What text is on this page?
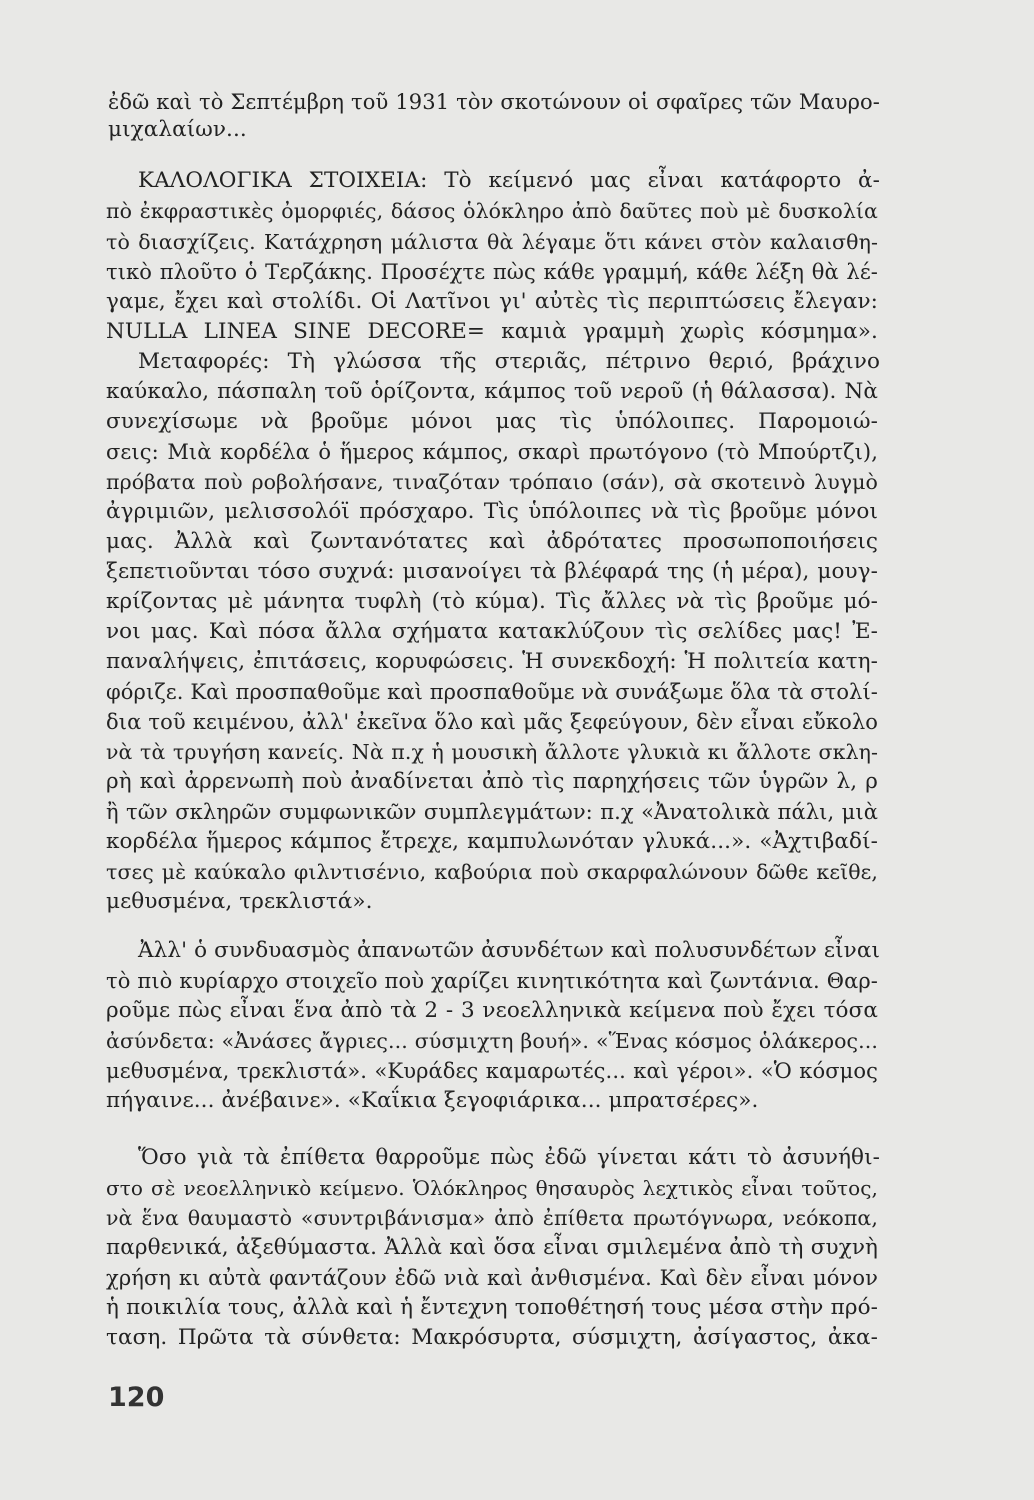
ἐδῶ καὶ τὸ Σεπτέμβρη τοῦ 1931 τὸν σκοτώνουν οἱ σφαῖρες τῶν Μαυρο-
μιχαλαίων...
ΚΑΛΟΛΟΓΙΚΑ ΣΤΟΙΧΕΙΑ: Τὸ κείμενό μας εἶναι κατάφορτο ἀ-
πὸ ἐκφραστικὲς ὀμορφιές, δάσος ὁλόκληρο ἀπὸ δαῦτες ποὺ μὲ δυσκολία
τὸ διασχίζεις. Κατάχρηση μάλιστα θὰ λέγαμε ὅτι κάνει στὸν καλαισθη-
τικὸ πλοῦτο ὁ Τερζάκης. Προσέχτε πὼς κάθε γραμμή, κάθε λέξη θὰ λέ-
γαμε, ἔχει καὶ στολίδι. Οἱ Λατῖνοι γι' αὐτὲς τὶς περιπτώσεις ἔλεγαν:
NULLA LINEA SINE DECORE= καμιὰ γραμμὴ χωρὶς κόσμημα».
Μεταφορές: Τὴ γλώσσα τῆς στεριᾶς, πέτρινο θεριό, βράχινο
καύκαλο, πάσπαλη τοῦ ὁρίζοντα, κάμπος τοῦ νεροῦ (ἡ θάλασσα). Νὰ
συνεχίσωμε νὰ βροῦμε μόνοι μας τὶς ὑπόλοιπες. Παρομοιώ-
σεις: Μιὰ κορδέλα ὁ ἥμερος κάμπος, σκαρὶ πρωτόγονο (τὸ Μπούρτζι),
πρόβατα ποὺ ροβολήσανε, τιναζόταν τρόπαιο (σάν), σὰ σκοτεινὸ λυγμὸ
ἀγριμιῶν, μελισσολόϊ πρόσχαρο. Τὶς ὑπόλοιπες νὰ τὶς βροῦμε μόνοι
μας. Ἀλλὰ καὶ ζωντανότατες καὶ ἀδρότατες προσωποποιήσεις
ξεπετιοῦνται τόσο συχνά: μισανοίγει τὰ βλέφαρά της (ἡ μέρα), μουγ-
κρίζοντας μὲ μάνητα τυφλὴ (τὸ κύμα). Τὶς ἄλλες νὰ τὶς βροῦμε μό-
νοι μας. Καὶ πόσα ἄλλα σχήματα κατακλύζουν τὶς σελίδες μας! Ἐ-
παναλήψεις, ἐπιτάσεις, κορυφώσεις. Ἡ συνεκδοχή: Ἡ πολιτεία κατη-
φόριζε. Καὶ προσπαθοῦμε καὶ προσπαθοῦμε νὰ συνάξωμε ὅλα τὰ στολί-
δια τοῦ κειμένου, ἀλλ' ἐκεῖνα ὅλο καὶ μᾶς ξεφεύγουν, δὲν εἶναι εὔκολο
νὰ τὰ τρυγήση κανείς. Νὰ π.χ ἡ μουσικὴ ἄλλοτε γλυκιὰ κι ἄλλοτε σκλη-
ρὴ καὶ ἀρρενωπὴ ποὺ ἀναδίνεται ἀπὸ τὶς παρηχήσεις τῶν ὑγρῶν λ, ρ
ἢ τῶν σκληρῶν συμφωνικῶν συμπλεγμάτων: π.χ «Ἀνατολικὰ πάλι, μιὰ
κορδέλα ἥμερος κάμπος ἔτρεχε, καμπυλωνόταν γλυκά...». «Ἀχτιβαδί-
τσες μὲ καύκαλο φιλντισένιο, καβούρια ποὺ σκαρφαλώνουν δῶθε κεῖθε,
μεθυσμένα, τρεκλιστά».
Ἀλλ' ὁ συνδυασμὸς ἀπανωτῶν ἀσυνδέτων καὶ πολυσυνδέτων εἶναι
τὸ πιὸ κυρίαρχο στοιχεῖο ποὺ χαρίζει κινητικότητα καὶ ζωντάνια. Θαρ-
ροῦμε πὼς εἶναι ἕνα ἀπὸ τὰ 2 - 3 νεοελληνικὰ κείμενα ποὺ ἔχει τόσα
ἀσύνδετα: «Ἀνάσες ἄγριες... σύσμιχτη βουή». «Ἕνας κόσμος ὁλάκερος...
μεθυσμένα, τρεκλιστά». «Κυράδες καμαρωτές... καὶ γέροι». «Ὁ κόσμος
πήγαινε... ἀνέβαινε». «Καΐκια ξεγοφιάρικα... μπρατσέρες».
Ὅσο γιὰ τὰ ἐπίθετα θαρροῦμε πὼς ἐδῶ γίνεται κάτι τὸ ἀσυνήθι-
στο σὲ νεοελληνικὸ κείμενο. Ὁλόκληρος θησαυρὸς λεχτικὸς εἶναι τοῦτος,
νὰ ἕνα θαυμαστὸ «συντριβάνισμα» ἀπὸ ἐπίθετα πρωτόγνωρα, νεόκοπα,
παρθενικά, ἀξεθύμαστα. Ἀλλὰ καὶ ὅσα εἶναι σμιλεμένα ἀπὸ τὴ συχνὴ
χρήση κι αὐτὰ φαντάζουν ἐδῶ νιὰ καὶ ἀνθισμένα. Καὶ δὲν εἶναι μόνον
ἡ ποικιλία τους, ἀλλὰ καὶ ἡ ἔντεχνη τοποθέτησή τους μέσα στὴν πρό-
ταση. Πρῶτα τὰ σύνθετα: Μακρόσυρτα, σύσμιχτη, ἀσίγαστος, ἀκα-
120
